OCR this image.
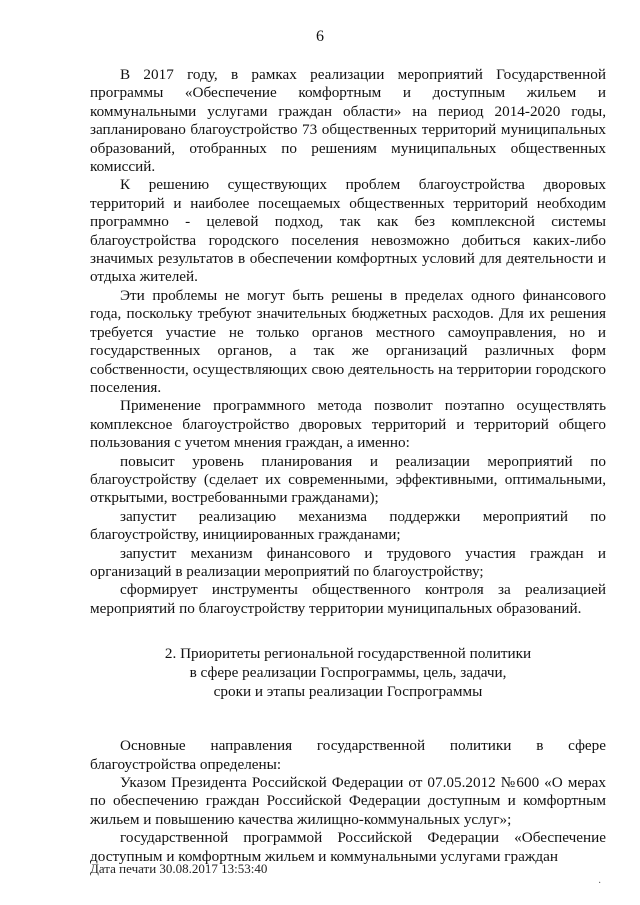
6

В 2017 году, в рамках реализации мероприятий Государственной программы «Обеспечение комфортным и доступным жильем и коммунальными услугами граждан области» на период 2014-2020 годы, запланировано благоустройство 73 общественных территорий муниципальных образований, отобранных по решениям муниципальных общественных комиссий.

К решению существующих проблем благоустройства дворовых территорий и наиболее посещаемых общественных территорий необходим программно - целевой подход, так как без комплексной системы благоустройства городского поселения невозможно добиться каких-либо значимых результатов в обеспечении комфортных условий для деятельности и отдыха жителей.

Эти проблемы не могут быть решены в пределах одного финансового года, поскольку требуют значительных бюджетных расходов. Для их решения требуется участие не только органов местного самоуправления, но и государственных органов, а так же организаций различных форм собственности, осуществляющих свою деятельность на территории городского поселения.

Применение программного метода позволит поэтапно осуществлять комплексное благоустройство дворовых территорий и территорий общего пользования с учетом мнения граждан, а именно:

повысит уровень планирования и реализации мероприятий по благоустройству (сделает их современными, эффективными, оптимальными, открытыми, востребованными гражданами);

запустит реализацию механизма поддержки мероприятий по благоустройству, инициированных гражданами;

запустит механизм финансового и трудового участия граждан и организаций в реализации мероприятий по благоустройству;

сформирует инструменты общественного контроля за реализацией мероприятий по благоустройству территории муниципальных образований.

2. Приоритеты региональной государственной политики
в сфере реализации Госпрограммы, цель, задачи,
сроки и этапы реализации Госпрограммы

Основные направления государственной политики в сфере благоустройства определены:

Указом Президента Российской Федерации от 07.05.2012 №600 «О мерах по обеспечению граждан Российской Федерации доступным и комфортным жильем и повышению качества жилищно-коммунальных услуг»;

государственной программой Российской Федерации «Обеспечение доступным и комфортным жильем и коммунальными услугами граждан

Дата печати 30.08.2017 13:53:40
·
